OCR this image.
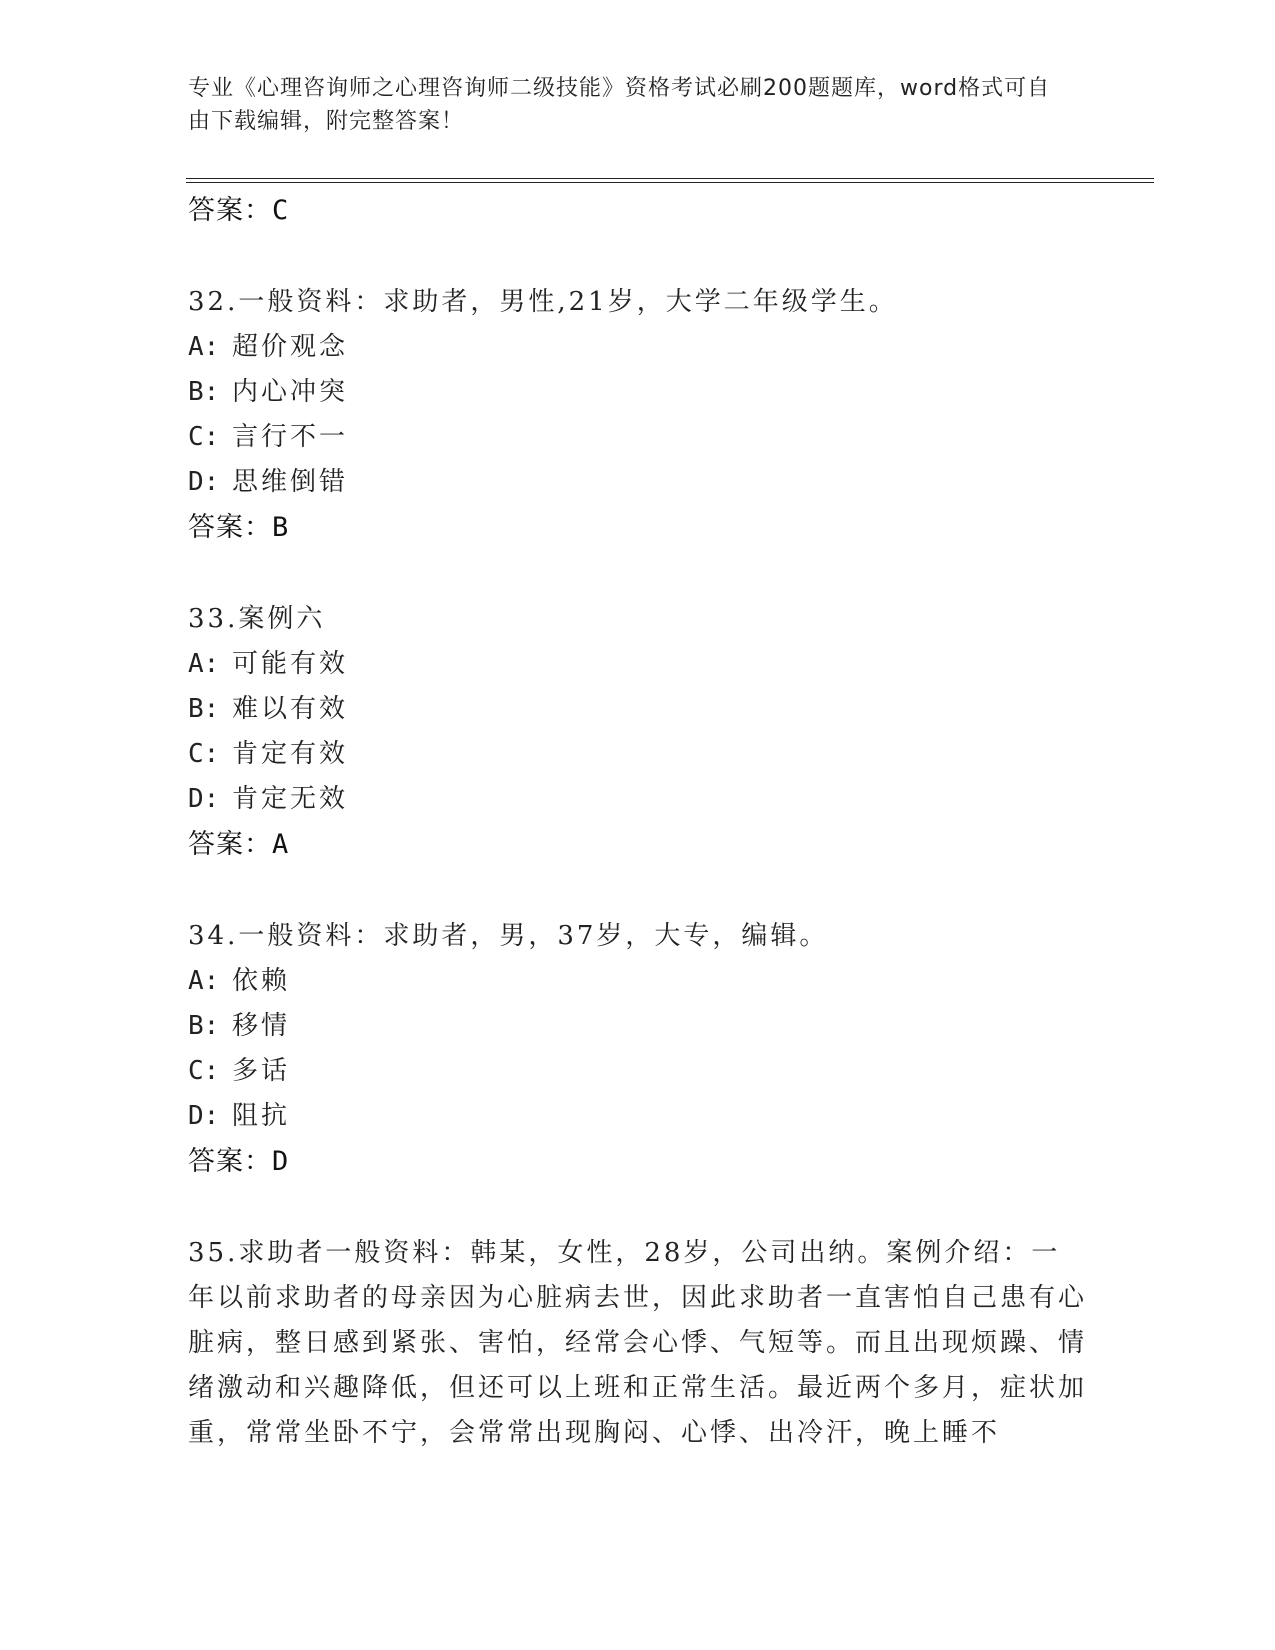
专业《心理咨询师之心理咨询师二级技能》资格考试必刷200题题库，word格式可自由下载编辑，附完整答案！
答案：C
32.一般资料：求助者，男性,21岁，大学二年级学生。
A: 超价观念
B: 内心冲突
C: 言行不一
D: 思维倒错
答案：B
33.案例六
A: 可能有效
B: 难以有效
C: 肯定有效
D: 肯定无效
答案：A
34.一般资料：求助者，男，37岁，大专，编辑。
A: 依赖
B: 移情
C: 多话
D: 阻抗
答案：D
35.求助者一般资料：韩某，女性，28岁，公司出纳。案例介绍：一年以前求助者的母亲因为心脏病去世，因此求助者一直害怕自己患有心脏病，整日感到紧张、害怕，经常会心悸、气短等。而且出现烦躁、情绪激动和兴趣降低，但还可以上班和正常生活。最近两个多月，症状加重，常常坐卧不宁，会常常出现胸闷、心悸、出冷汗，晚上睡不
